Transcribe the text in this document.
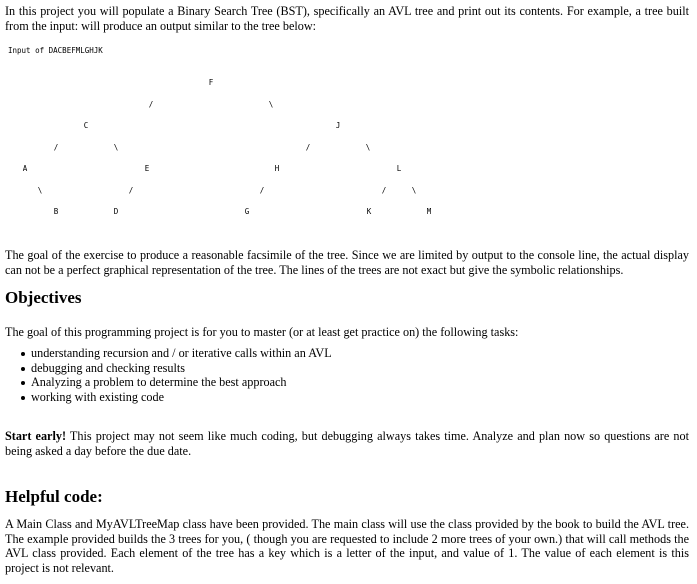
In this project you will populate a Binary Search Tree (BST), specifically an AVL tree and print out its contents. For example, a tree built from the input: will produce an output similar to the tree below:

Input of DACBEFMLGHJK
F
/	\
C	J
/	\	/	\
A	E	H	L
\	/	/	/	\
B	D	G	K	M

The goal of the exercise to produce a reasonable facsimile of the tree. Since we are limited by output to the console line, the actual display can not be a perfect graphical representation of the tree. The lines of the trees are not exact but give the symbolic relationships.

Objectives

The goal of this programming project is for you to master (or at least get practice on) the following tasks:

understanding recursion and / or iterative calls within an AVL
debugging and checking results
Analyzing a problem to determine the best approach
working with existing code

Start early! This project may not seem like much coding, but debugging always takes time. Analyze and plan now so questions are not being asked a day before the due date.

Helpful code:

A Main Class and MyAVLTreeMap class have been provided. The main class will use the class provided by the book to build the AVL tree. The example provided builds the 3 trees for you, ( though you are requested to include 2 more trees of your own.) that will call methods the AVL class provided. Each element of the tree has a key which is a letter of the input, and value of 1. The value of each element is this project is not relevant.
